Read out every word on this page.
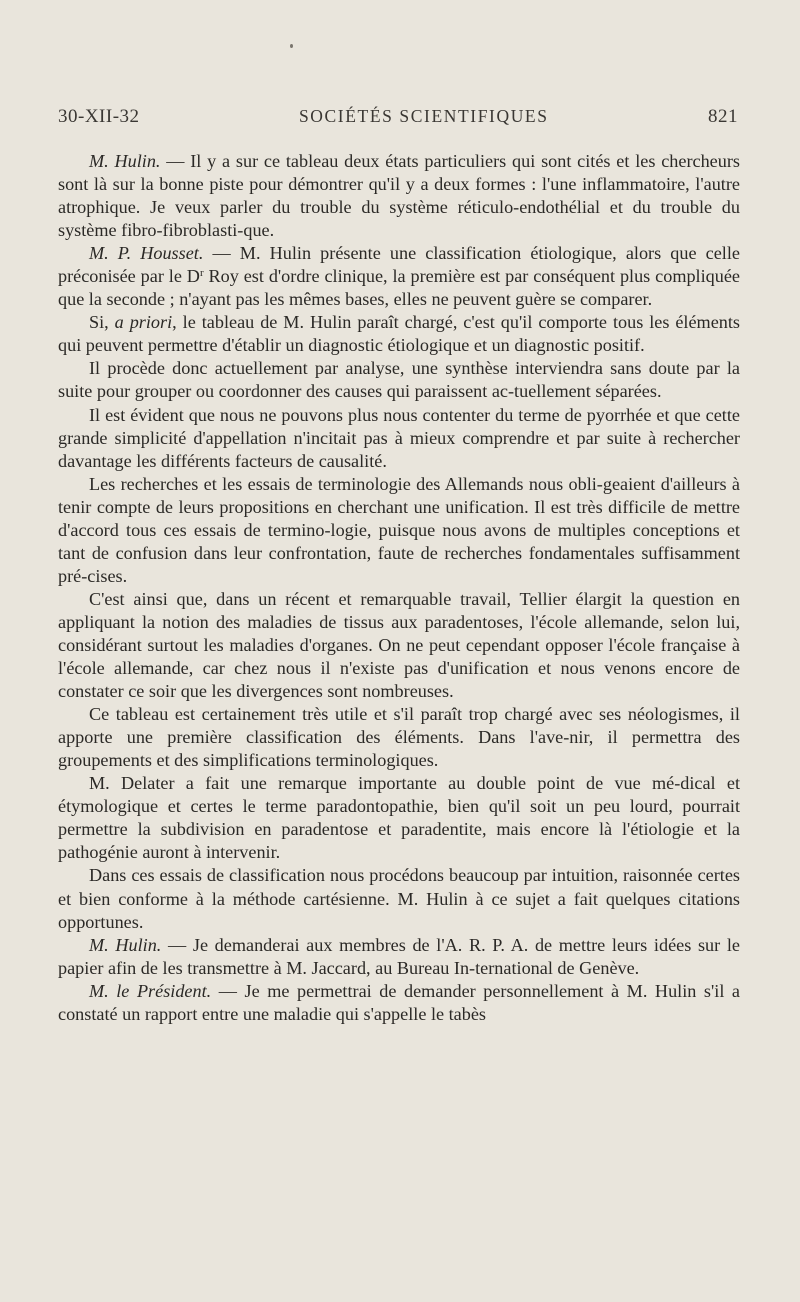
30-XII-32	SOCIÉTÉS SCIENTIFIQUES	821

M. Hulin. — Il y a sur ce tableau deux états particuliers qui sont cités et les chercheurs sont là sur la bonne piste pour démontrer qu'il y a deux formes : l'une inflammatoire, l'autre atrophique. Je veux parler du trouble du système réticulo-endothélial et du trouble du système fibro-fibroblasti-que.

M. P. Housset. — M. Hulin présente une classification étiologique, alors que celle préconisée par le $D^r$ Roy est d'ordre clinique, la première est par conséquent plus compliquée que la seconde ; n'ayant pas les mêmes bases, elles ne peuvent guère se comparer.

Si, a priori, le tableau de M. Hulin paraît chargé, c'est qu'il comporte tous les éléments qui peuvent permettre d'établir un diagnostic étiologique et un diagnostic positif.

Il procède donc actuellement par analyse, une synthèse interviendra sans doute par la suite pour grouper ou coordonner des causes qui paraissent ac-tuellement séparées.

Il est évident que nous ne pouvons plus nous contenter du terme de pyorrhée et que cette grande simplicité d'appellation n'incitait pas à mieux comprendre et par suite à rechercher davantage les différents facteurs de causalité.

Les recherches et les essais de terminologie des Allemands nous obli-geaient d'ailleurs à tenir compte de leurs propositions en cherchant une unification. Il est très difficile de mettre d'accord tous ces essais de termino-logie, puisque nous avons de multiples conceptions et tant de confusion dans leur confrontation, faute de recherches fondamentales suffisamment pré-cises.

C'est ainsi que, dans un récent et remarquable travail, Tellier élargit la question en appliquant la notion des maladies de tissus aux paradentoses, l'école allemande, selon lui, considérant surtout les maladies d'organes. On ne peut cependant opposer l'école française à l'école allemande, car chez nous il n'existe pas d'unification et nous venons encore de constater ce soir que les divergences sont nombreuses.

Ce tableau est certainement très utile et s'il paraît trop chargé avec ses néologismes, il apporte une première classification des éléments. Dans l'ave-nir, il permettra des groupements et des simplifications terminologiques.

M. Delater a fait une remarque importante au double point de vue mé-dical et étymologique et certes le terme paradontopathie, bien qu'il soit un peu lourd, pourrait permettre la subdivision en paradentose et paradentite, mais encore là l'étiologie et la pathogénie auront à intervenir.

Dans ces essais de classification nous procédons beaucoup par intuition, raisonnée certes et bien conforme à la méthode cartésienne. M. Hulin à ce sujet a fait quelques citations opportunes.

M. Hulin. — Je demanderai aux membres de l'A. R. P. A. de mettre leurs idées sur le papier afin de les transmettre à M. Jaccard, au Bureau In-ternational de Genève.

M. le Président. — Je me permettrai de demander personnellement à M. Hulin s'il a constaté un rapport entre une maladie qui s'appelle le tabès
